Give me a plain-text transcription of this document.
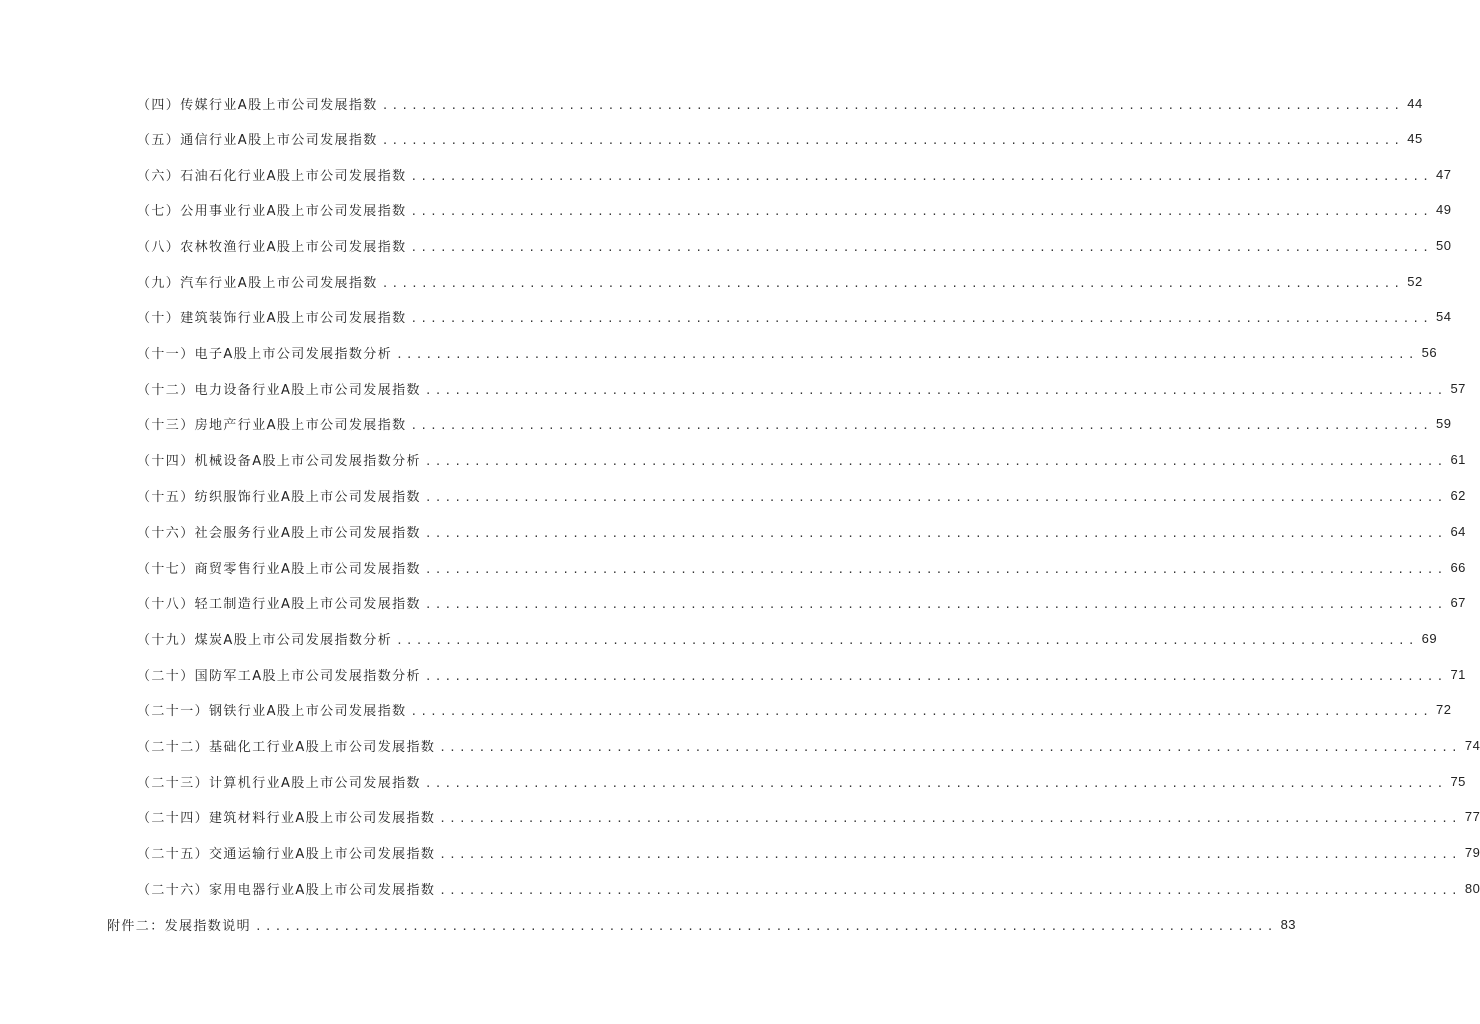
（四）传媒行业A股上市公司发展指数 ........................................................................................................ 44
（五）通信行业A股上市公司发展指数 ........................................................................................................ 45
（六）石油石化行业A股上市公司发展指数 ........................................................................................................ 47
（七）公用事业行业A股上市公司发展指数 ........................................................................................................ 49
（八）农林牧渔行业A股上市公司发展指数 ........................................................................................................ 50
（九）汽车行业A股上市公司发展指数 ........................................................................................................ 52
（十）建筑装饰行业A股上市公司发展指数 ........................................................................................................ 54
（十一）电子A股上市公司发展指数分析 ........................................................................................................ 56
（十二）电力设备行业A股上市公司发展指数 ........................................................................................................ 57
（十三）房地产行业A股上市公司发展指数 ........................................................................................................ 59
（十四）机械设备A股上市公司发展指数分析 ........................................................................................................ 61
（十五）纺织服饰行业A股上市公司发展指数 ........................................................................................................ 62
（十六）社会服务行业A股上市公司发展指数 ........................................................................................................ 64
（十七）商贸零售行业A股上市公司发展指数 ........................................................................................................ 66
（十八）轻工制造行业A股上市公司发展指数 ........................................................................................................ 67
（十九）煤炭A股上市公司发展指数分析 ........................................................................................................ 69
（二十）国防军工A股上市公司发展指数分析 ........................................................................................................ 71
（二十一）钢铁行业A股上市公司发展指数 ........................................................................................................ 72
（二十二）基础化工行业A股上市公司发展指数 ........................................................................................................ 74
（二十三）计算机行业A股上市公司发展指数 ........................................................................................................ 75
（二十四）建筑材料行业A股上市公司发展指数 ........................................................................................................ 77
（二十五）交通运输行业A股上市公司发展指数 ........................................................................................................ 79
（二十六）家用电器行业A股上市公司发展指数 ........................................................................................................ 80
附件二：发展指数说明 ........................................................................................................ 83
